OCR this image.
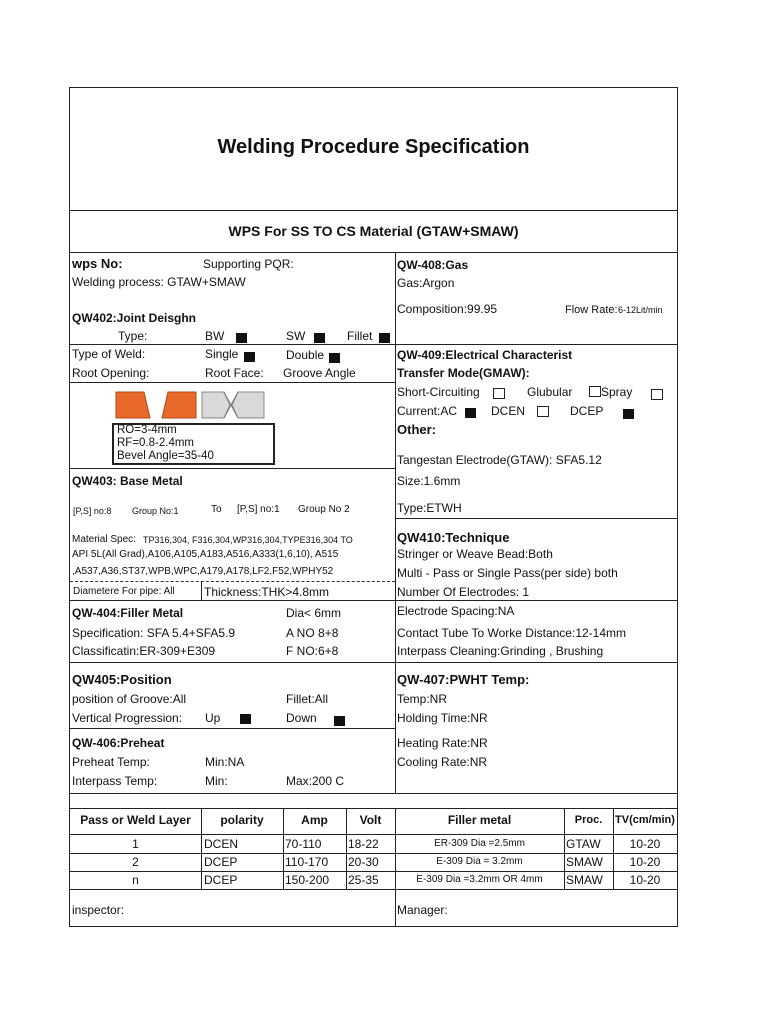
Welding Procedure Specification
WPS For SS TO CS Material (GTAW+SMAW)
wps No:	Supporting PQR:
Welding process: GTAW+SMAW
QW402:Joint Deisghn
Type:	BW	SW	Fillet
Type of Weld:	Single	Double
Root Opening:	Root Face: Groove Angle
RO=3-4mm
RF=0.8-2.4mm
Bevel Angle=35-40
QW403: Base Metal
[P,S] no:8 Group No:1	To [P,S] no:1 Group No 2
Material Spec: TP316,304, F316,304,WP316,304,TYPE316,304 TO
API 5L(All Grad),A106,A105,A183,A516,A333(1,6,10), A515
,A537,A36,ST37,WPB,WPC,A179,A178,LF2,F52,WPHY52
Diametere For pipe: All Thickness:THK>4.8mm
QW-404:Filler Metal	Dia< 6mm
Specification: SFA 5.4+SFA5.9	A NO 8+8
Classificatin:ER-309+E309	F NO:6+8
QW405:Position
position of Groove:All	Fillet:All
Vertical Progression: Up	Down
QW-406:Preheat
Preheat Temp:	Min:NA
Interpass Temp:	Min:	Max:200 C
QW-408:Gas
Gas:Argon
Composition:99.95	Flow Rate: 6-12Lit/min
QW-409:Electrical Characterist
Transfer Mode(GMAW):
Short-Circuiting	Glubular Spray
Current:AC	DCEN	DCEP
Other:
Tangestan Electrode(GTAW): SFA5.12
Size:1.6mm
Type:ETWH
QW410:Technique
Stringer or Weave Bead:Both
Multi - Pass or Single Pass(per side) both
Number Of Electrodes: 1
Electrode Spacing:NA
Contact Tube To Worke Distance:12-14mm
Interpass Cleaning:Grinding , Brushing
QW-407:PWHT Temp:
Temp:NR
Holding Time:NR
Heating Rate:NR
Cooling Rate:NR
Pass or Weld Layer	polarity	Amp	Volt	Filler metal	Proc.	TV(cm/min)
1	DCEN	70-110 18-22	ER-309 Dia =2.5mm	GTAW	10-20
2	DCEP	110-170 20-30	E-309 Dia = 3.2mm	SMAW	10-20
n	DCEP	150-200 25-35	E-309 Dia =3.2mm OR 4mm	SMAW	10-20
inspector:	Manager:
